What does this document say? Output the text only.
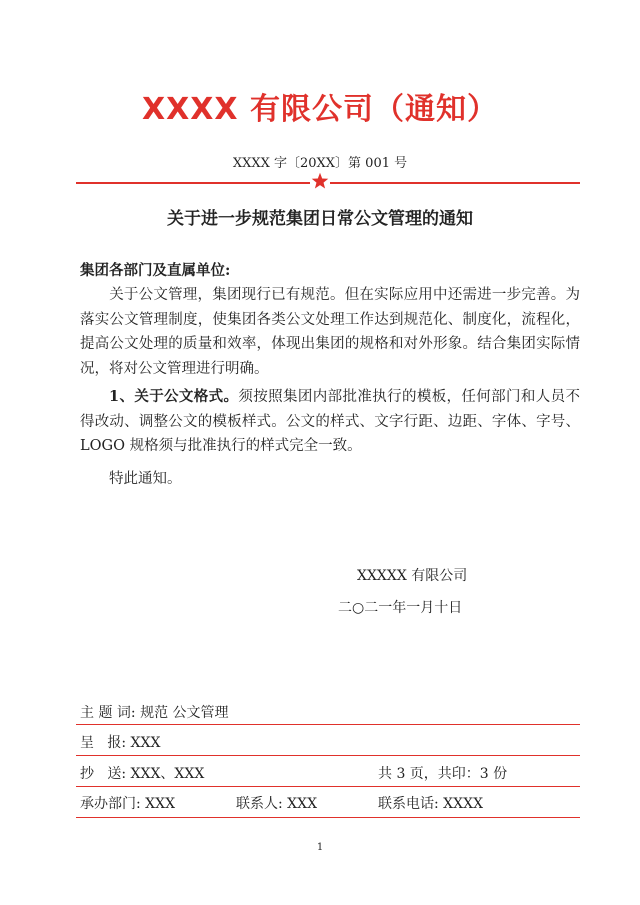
XXXX 有限公司（通知）
XXXX 字〔20XX〕第 001 号
关于进一步规范集团日常公文管理的通知
集团各部门及直属单位:
关于公文管理，集团现行已有规范。但在实际应用中还需进一步完善。为落实公文管理制度，使集团各类公文处理工作达到规范化、制度化，流程化，提高公文处理的质量和效率，体现出集团的规格和对外形象。结合集团实际情况，将对公文管理进行明确。
1、关于公文格式。须按照集团内部批准执行的模板，任何部门和人员不得改动、调整公文的模板样式。公文的样式、文字行距、边距、字体、字号、LOGO 规格须与批准执行的样式完全一致。
特此通知。
XXXXX 有限公司
二○二一年一月十日
主 题 词: 规范 公文管理
呈   报: XXX
抄   送: XXX、XXX	共 3 页，共印：3 份
承办部门: XXX	联系人: XXX	联系电话: XXXX
1
